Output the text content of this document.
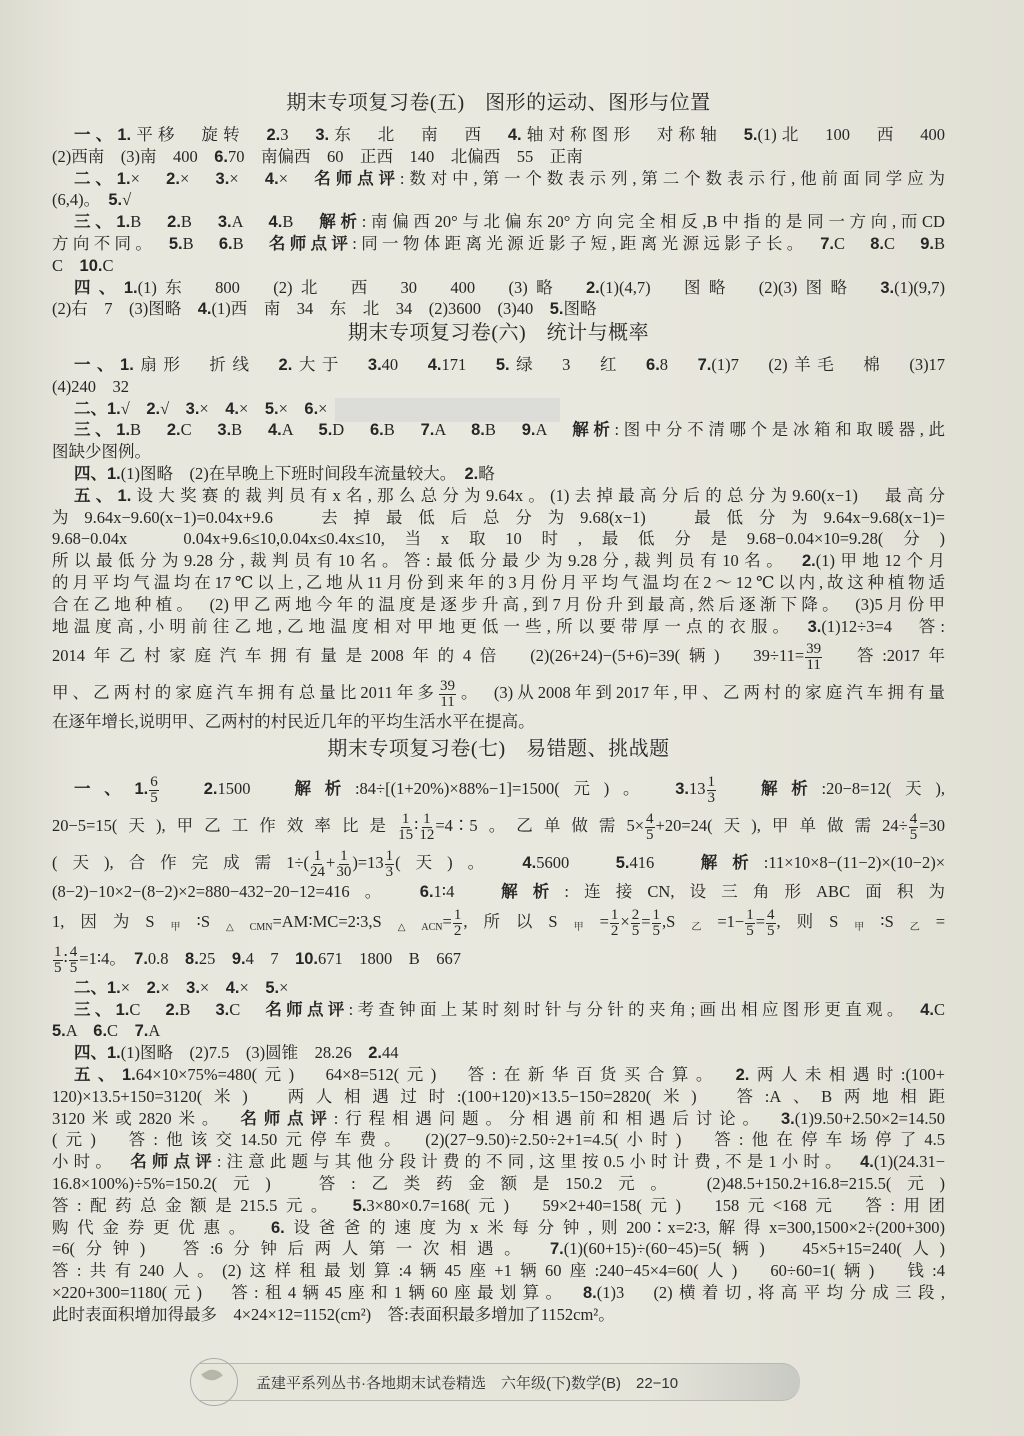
期末专项复习卷(五)　图形的运动、图形与位置
一、1.平移　旋转　2.3　3.东　北　南　西　4.轴对称图形　对称轴　5.(1)北　100　西　400
(2)西南　(3)南　400　6.70　南偏西　60　正西　140　北偏西　55　正南
二、1.×　2.×　3.×　4.×　名师点评:数对中,第一个数表示列,第二个数表示行,他前面同学应为
(6,4)。　5.√
三、1.B　2.B　3.A　4.B　解析:南偏西20°与北偏东20°方向完全相反,B中指的是同一方向,而CD
方向不同。　5.B　6.B　名师点评:同一物体距离光源近影子短,距离光源远影子长。　7.C　8.C　9.B
C　10.C
四、1.(1)东　800　(2)北　西　30　400　(3)略　2.(1)(4,7)　图略　(2)(3)图略　3.(1)(9,7)
(2)右　7　(3)图略　4.(1)西　南　34　东　北　34　(2)3600　(3)40　5.图略
期末专项复习卷(六)　统计与概率
一、1.扇形　折线　2.大于　3.40　4.171　5.绿　3　红　6.8　7.(1)7　(2)羊毛　棉　(3)17
(4)240　32
二、1.√　2.√　3.×　4.×　5.×　6.×
三、1.B　2.C　3.B　4.A　5.D　6.B　7.A　8.B　9.A　解析:图中分不清哪个是冰箱和取暖器,此
图缺少图例。
四、1.(1)图略　(2)在早晚上下班时间段车流量较大。　2.略
五、1.设大奖赛的裁判员有x名,那么总分为9.64x。(1)去掉最高分后的总分为9.60(x−1)　最高分
为9.64x−9.60(x−1)=0.04x+9.6　去掉最低后总分为9.68(x−1)　最低分为9.64x−9.68(x−1)=
9.68−0.04x　0.04x+9.6≤10,0.04x≤0.4x≤10,当x取10时,最低分是9.68−0.04×10=9.28(分)
所以最低分为9.28分,裁判员有10名。答:最低分最少为9.28分,裁判员有10名。　2.(1)甲地12个月
的月平均气温均在17℃以上,乙地从11月份到来年的3月份月平均气温均在2～12℃以内,故这种植物适
合在乙地种植。　(2)甲乙两地今年的温度是逐步升高,到7月份升到最高,然后逐渐下降。　(3)5月份甲
地温度高,小明前往乙地,乙地温度相对甲地更低一些,所以要带厚一点的衣服。　3.(1)12÷3=4　答:
2014年乙村家庭汽车拥有量是2008年的4倍　(2)(26+24)−(5+6)=39(辆)　$39\div 11= \frac{39}{11}$ 　答:2017年
甲、乙两村的家庭汽车拥有总量比2011年多 $\frac{39}{11}$ 。　(3)从2008年到2017年,甲、乙两村的家庭汽车拥有量
在逐年增长,说明甲、乙两村的村民近几年的平均生活水平在提高。
期末专项复习卷(七)　易错题、挑战题
一、1. $\frac{6}{5}$
　	2.1500　解析:84÷[(1+20%)×88%−1]=1500(元)。　$3.13 \frac{1}{3}$
　	解析:20−8=12(天),
20−5=15(天),甲乙工作效率比是 $\frac{1}{15}$ ∶ $\frac{1}{12}$ =4∶5。乙单做需$5\times \frac{4}{5} +20=24$(天),甲单做需$24\div \frac{4}{5} =30$
(天),合作完成需$1\div( \frac{1}{24} + \frac{1}{30} )=13 \frac{1}{3}$ (天)。　4.5600　5.416　解析:11×10×8−(11−2)×(10−2)×
(8−2)−10×2−(8−2)×2=880−432−20−12=416。　6.1∶4　解析:连接CN,设三角形ABC面积为
1,因为$S_甲∶S_{\triangle CMN}=AM∶MC=2∶3,S_{\triangle ACN}= \frac{1}{2}$ ,所以$S_甲= \frac{1}{2} \times \frac{2}{5} = \frac{1}{5} ,S_乙=1- \frac{1}{5} = \frac{4}{5}$ ,则$S_甲∶S_乙=$
$\frac{1}{5}$ ∶ $\frac{4}{5}$ =1∶4。　7.0.8　8.25　9.4　7　10.671　1800　B　667
二、1.×　2.×　3.×　4.×　5.×
三、1.C　2.B　3.C　名师点评:考查钟面上某时刻时针与分针的夹角;画出相应图形更直观。　4.C
5.A　6.C　7.A
四、1.(1)图略　(2)7.5　(3)圆锥　28.26　2.44
五、1.64×10×75%=480(元)　64×8=512(元)　答:在新华百货买合算。　2.两人未相遇时:(100+
120)×13.5+150=3120(米)　两人相遇过时:(100+120)×13.5−150=2820(米)　答:A、B两地相距
3120米或2820米。　名师点评:行程相遇问题。分相遇前和相遇后讨论。　3.(1)9.50+2.50×2=14.50
(元)　答:他该交14.50元停车费。　(2)(27−9.50)÷2.50÷2+1=4.5(小时)　答:他在停车场停了4.5
小时。　名师点评:注意此题与其他分段计费的不同,这里按0.5小时计费,不是1小时。　4.(1)(24.31−
16.8×100%)÷5%=150.2(元)　答:乙类药金额是150.2元。　(2)48.5+150.2+16.8=215.5(元)
答:配药总金额是215.5元。　5.3×80×0.7=168(元)　59×2+40=158(元)　158元<168元　答:用团
购代金券更优惠。　6.设爸爸的速度为x米每分钟,则200∶x=2∶3,解得x=300,1500×2÷(200+300)
=6(分钟)　答:6分钟后两人第一次相遇。　7.(1)(60+15)÷(60−45)=5(辆)　45×5+15=240(人)
答:共有240人。(2)这样租最划算:4辆45座+1辆60座:240−45×4=60(人)　60÷60=1(辆)　钱:4
×220+300=1180(元)　答:租4辆45座和1辆60座最划算。　8.(1)3　(2)横着切,将高平均分成三段,
此时表面积增加得最多　4×24×12=1152(cm²)　答:表面积最多增加了1152cm²。
孟建平系列丛书·各地期末试卷精选　六年级(下)数学(B)　22−10
